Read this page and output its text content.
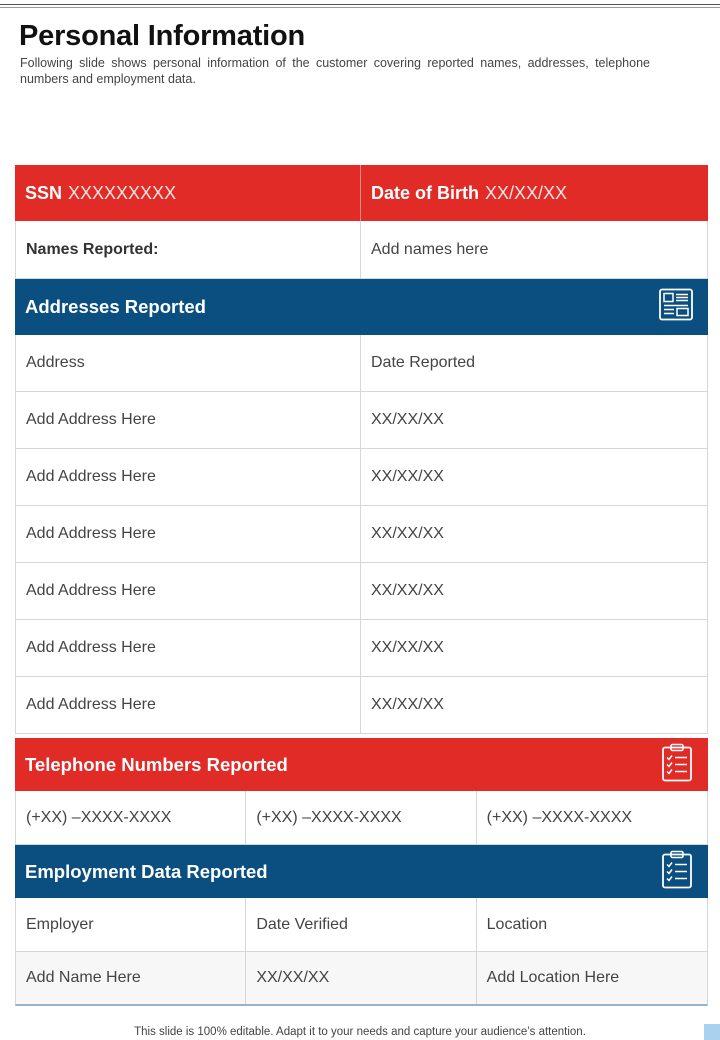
Personal Information
Following slide shows personal information of the customer covering reported names, addresses, telephone numbers and employment data.
SSN XXXXXXXXX	Date of Birth XX/XX/XX
Names Reported:	Add names here
Addresses Reported
Address	Date Reported
Add Address Here	XX/XX/XX
Add Address Here	XX/XX/XX
Add Address Here	XX/XX/XX
Add Address Here	XX/XX/XX
Add Address Here	XX/XX/XX
Add Address Here	XX/XX/XX
Telephone Numbers Reported
(+XX) –XXXX-XXXX	(+XX) –XXXX-XXXX	(+XX) –XXXX-XXXX
Employment Data Reported
Employer	Date Verified	Location
Add Name Here	XX/XX/XX	Add Location Here
This slide is 100% editable. Adapt it to your needs and capture your audience’s attention.
